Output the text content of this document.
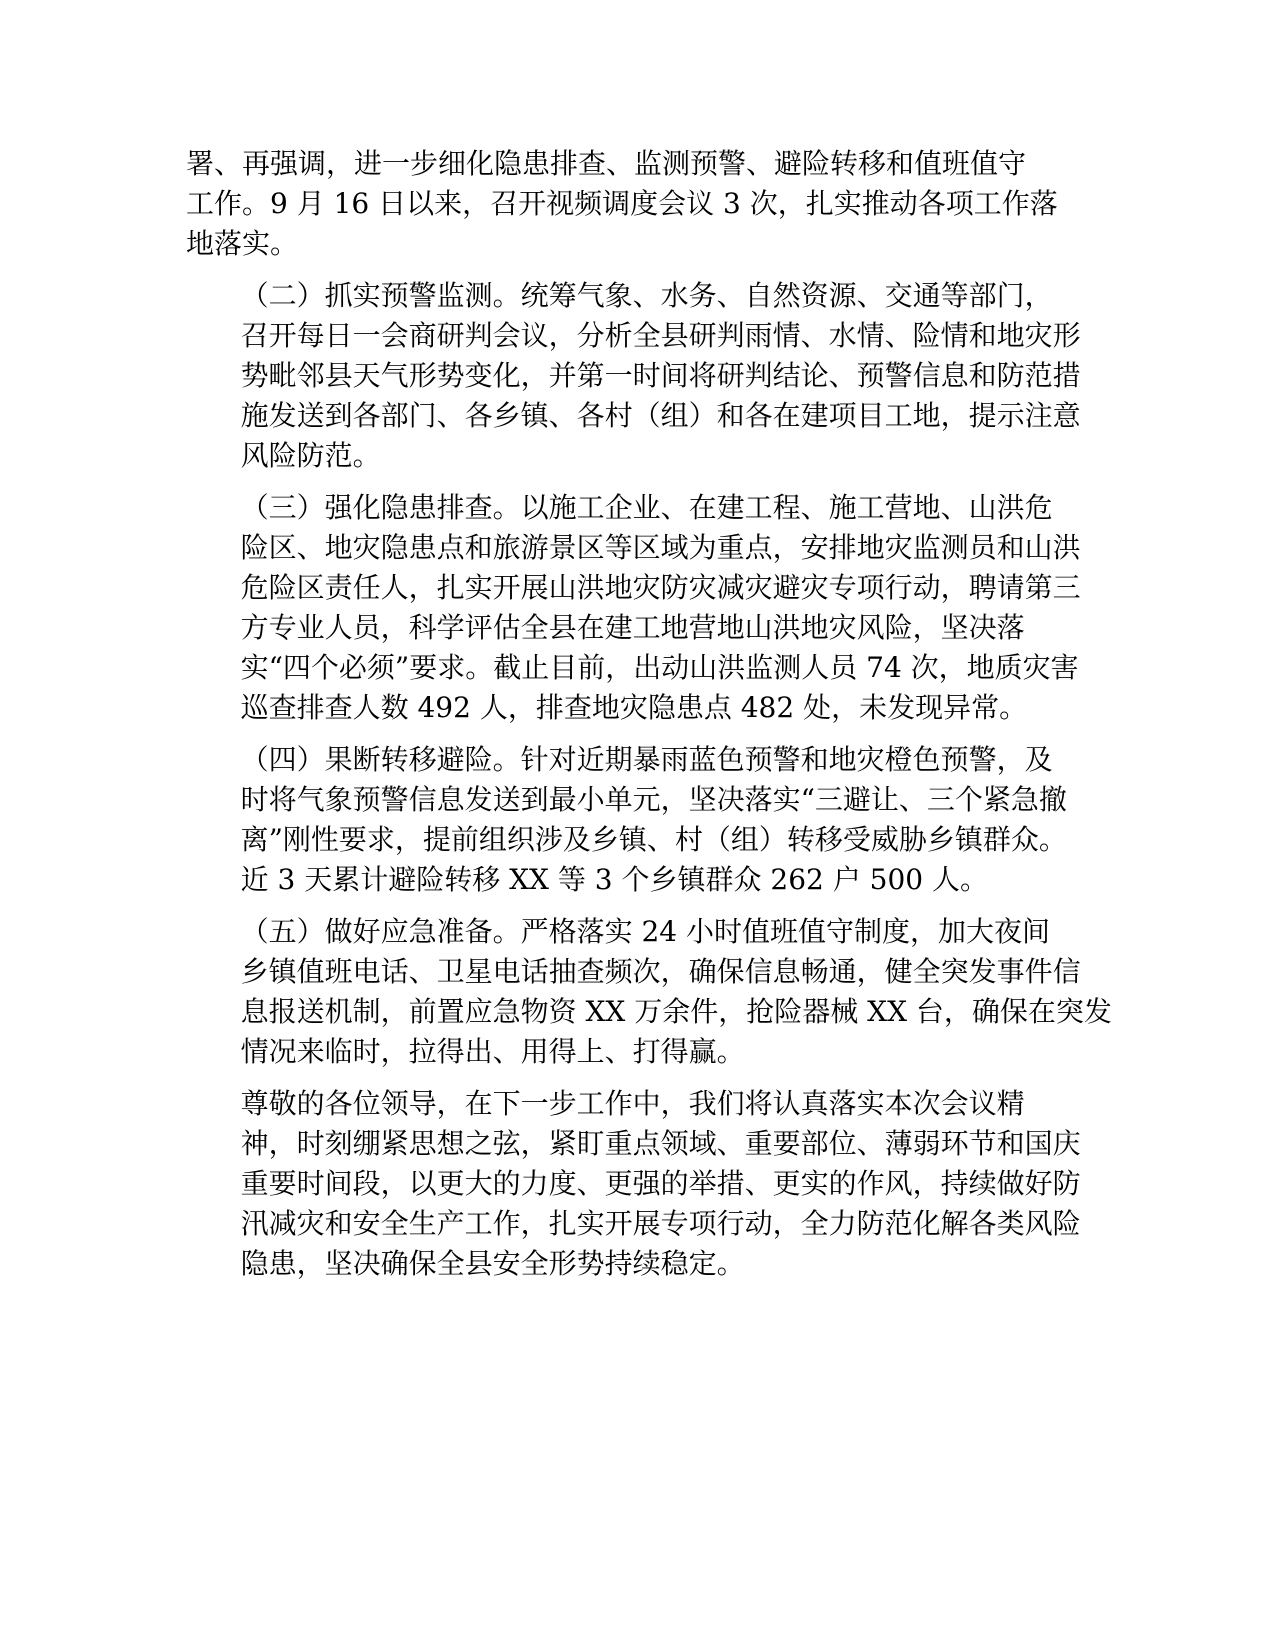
署、再强调，进一步细化隐患排查、监测预警、避险转移和值班值守
工作。9 月 16 日以来，召开视频调度会议 3 次，扎实推动各项工作落
地落实。
（二）抓实预警监测。统筹气象、水务、自然资源、交通等部门，
召开每日一会商研判会议，分析全县研判雨情、水情、险情和地灾形
势毗邻县天气形势变化，并第一时间将研判结论、预警信息和防范措
施发送到各部门、各乡镇、各村（组）和各在建项目工地，提示注意
风险防范。
（三）强化隐患排查。以施工企业、在建工程、施工营地、山洪危
险区、地灾隐患点和旅游景区等区域为重点，安排地灾监测员和山洪
危险区责任人，扎实开展山洪地灾防灾减灾避灾专项行动，聘请第三
方专业人员，科学评估全县在建工地营地山洪地灾风险，坚决落
实“四个必须”要求。截止目前，出动山洪监测人员 74 次，地质灾害
巡查排查人数 492 人，排查地灾隐患点 482 处，未发现异常。
（四）果断转移避险。针对近期暴雨蓝色预警和地灾橙色预警，及
时将气象预警信息发送到最小单元，坚决落实“三避让、三个紧急撤
离”刚性要求，提前组织涉及乡镇、村（组）转移受威胁乡镇群众。
近 3 天累计避险转移 XX 等 3 个乡镇群众 262 户 500 人。
（五）做好应急准备。严格落实 24 小时值班值守制度，加大夜间
乡镇值班电话、卫星电话抽查频次，确保信息畅通，健全突发事件信
息报送机制，前置应急物资 XX 万余件，抢险器械 XX 台，确保在突发
情况来临时，拉得出、用得上、打得赢。
尊敬的各位领导，在下一步工作中，我们将认真落实本次会议精
神，时刻绷紧思想之弦，紧盯重点领域、重要部位、薄弱环节和国庆
重要时间段，以更大的力度、更强的举措、更实的作风，持续做好防
汛减灾和安全生产工作，扎实开展专项行动，全力防范化解各类风险
隐患，坚决确保全县安全形势持续稳定。
